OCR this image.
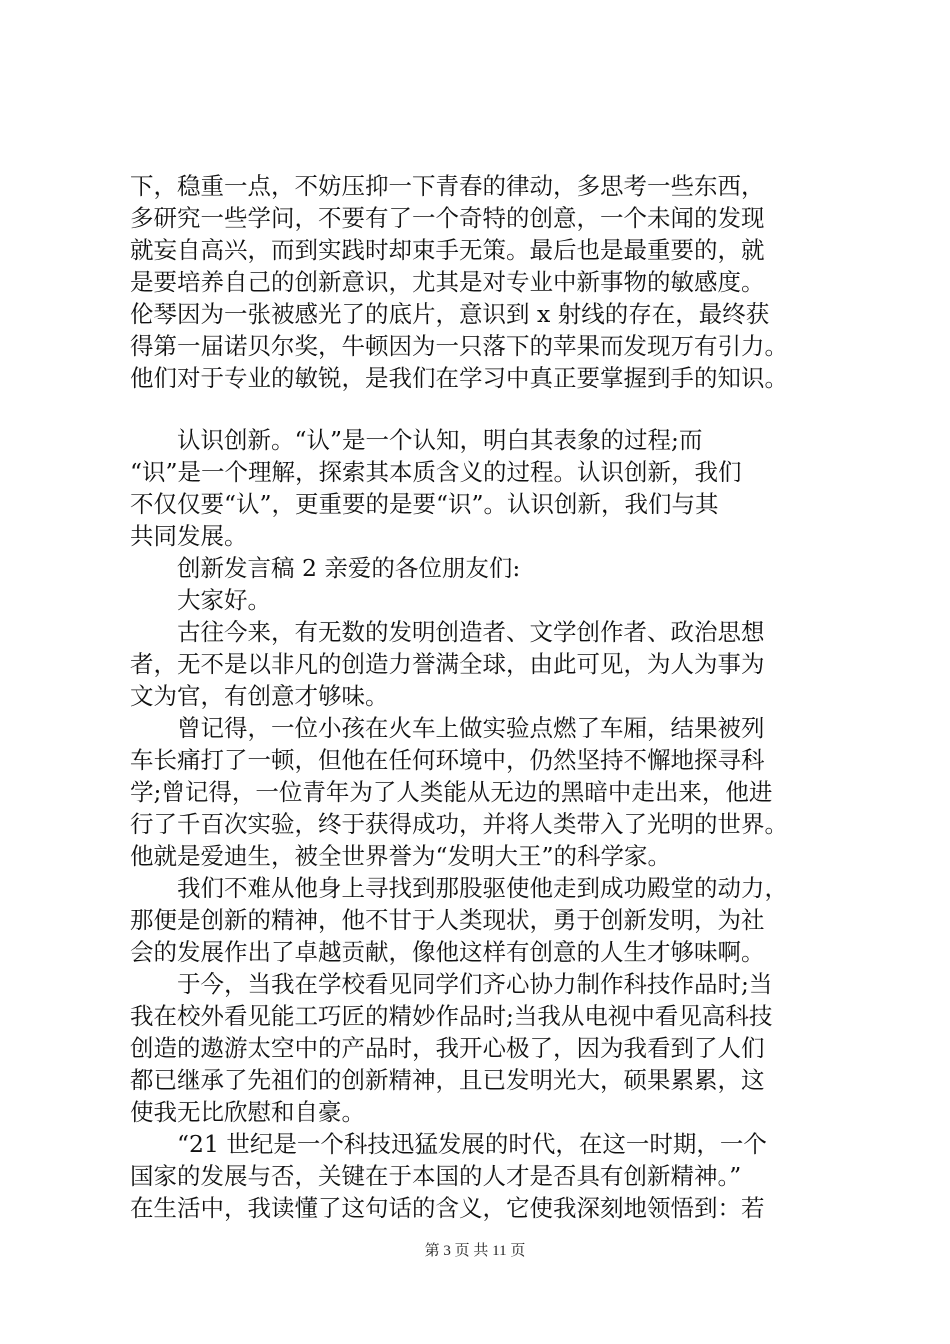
下，稳重一点，不妨压抑一下青春的律动，多思考一些东西，
多研究一些学问，不要有了一个奇特的创意，一个未闻的发现
就妄自高兴，而到实践时却束手无策。最后也是最重要的，就
是要培养自己的创新意识，尤其是对专业中新事物的敏感度。
伦琴因为一张被感光了的底片，意识到 x 射线的存在，最终获
得第一届诺贝尔奖，牛顿因为一只落下的苹果而发现万有引力。
他们对于专业的敏锐，是我们在学习中真正要掌握到手的知识。
　　认识创新。“认”是一个认知，明白其表象的过程;而
“识”是一个理解，探索其本质含义的过程。认识创新，我们
不仅仅要“认”，更重要的是要“识”。认识创新，我们与其
共同发展。
　　创新发言稿 2 亲爱的各位朋友们:
　　大家好。
　　古往今来，有无数的发明创造者、文学创作者、政治思想
者，无不是以非凡的创造力誉满全球，由此可见，为人为事为
文为官，有创意才够味。
　　曾记得，一位小孩在火车上做实验点燃了车厢，结果被列
车长痛打了一顿，但他在任何环境中，仍然坚持不懈地探寻科
学;曾记得，一位青年为了人类能从无边的黑暗中走出来，他进
行了千百次实验，终于获得成功，并将人类带入了光明的世界。
他就是爱迪生，被全世界誉为“发明大王”的科学家。
　　我们不难从他身上寻找到那股驱使他走到成功殿堂的动力，
那便是创新的精神，他不甘于人类现状，勇于创新发明，为社
会的发展作出了卓越贡献，像他这样有创意的人生才够味啊。
　　于今，当我在学校看见同学们齐心协力制作科技作品时;当
我在校外看见能工巧匠的精妙作品时;当我从电视中看见高科技
创造的遨游太空中的产品时，我开心极了，因为我看到了人们
都已继承了先祖们的创新精神，且已发明光大，硕果累累，这
使我无比欣慰和自豪。
　　“21 世纪是一个科技迅猛发展的时代，在这一时期，一个
国家的发展与否，关键在于本国的人才是否具有创新精神。”
在生活中，我读懂了这句话的含义，它使我深刻地领悟到：若
第 3 页 共 11 页
